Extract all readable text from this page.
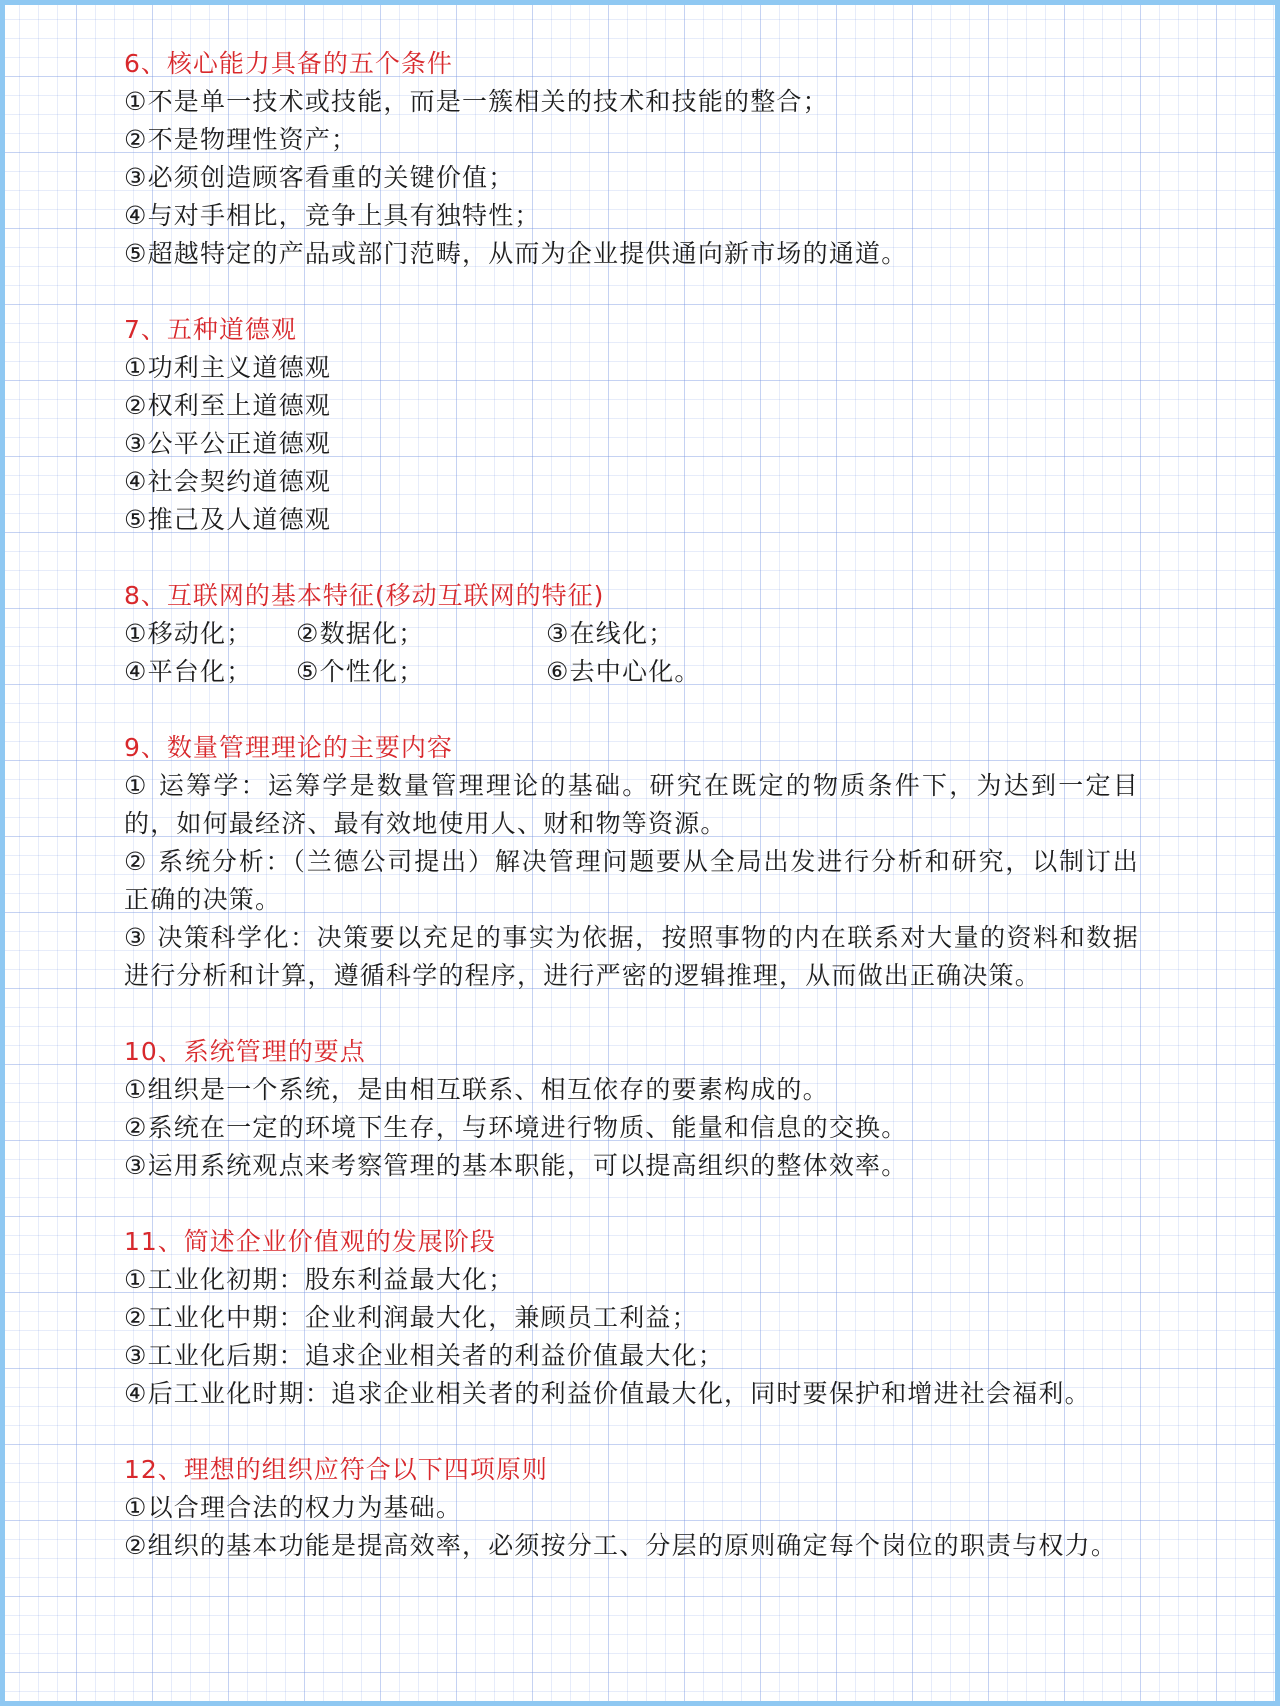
6、核心能力具备的五个条件
①不是单一技术或技能，而是一簇相关的技术和技能的整合；
②不是物理性资产；
③必须创造顾客看重的关键价值；
④与对手相比，竞争上具有独特性；
⑤超越特定的产品或部门范畴，从而为企业提供通向新市场的通道。
7、五种道德观
①功利主义道德观
②权利至上道德观
③公平公正道德观
④社会契约道德观
⑤推己及人道德观
8、互联网的基本特征(移动互联网的特征)
①移动化；	②数据化；	③在线化；
④平台化；	⑤个性化；	⑥去中心化。
9、数量管理理论的主要内容
① 运筹学：运筹学是数量管理理论的基础。研究在既定的物质条件下，为达到一定目的，如何最经济、最有效地使用人、财和物等资源。
② 系统分析：（兰德公司提出）解决管理问题要从全局出发进行分析和研究，以制订出正确的决策。
③ 决策科学化：决策要以充足的事实为依据，按照事物的内在联系对大量的资料和数据进行分析和计算，遵循科学的程序，进行严密的逻辑推理，从而做出正确决策。
10、系统管理的要点
①组织是一个系统，是由相互联系、相互依存的要素构成的。
②系统在一定的环境下生存，与环境进行物质、能量和信息的交换。
③运用系统观点来考察管理的基本职能，可以提高组织的整体效率。
11、简述企业价值观的发展阶段
①工业化初期：股东利益最大化；
②工业化中期：企业利润最大化，兼顾员工利益；
③工业化后期：追求企业相关者的利益价值最大化；
④后工业化时期：追求企业相关者的利益价值最大化，同时要保护和增进社会福利。
12、理想的组织应符合以下四项原则
①以合理合法的权力为基础。
②组织的基本功能是提高效率，必须按分工、分层的原则确定每个岗位的职责与权力。
